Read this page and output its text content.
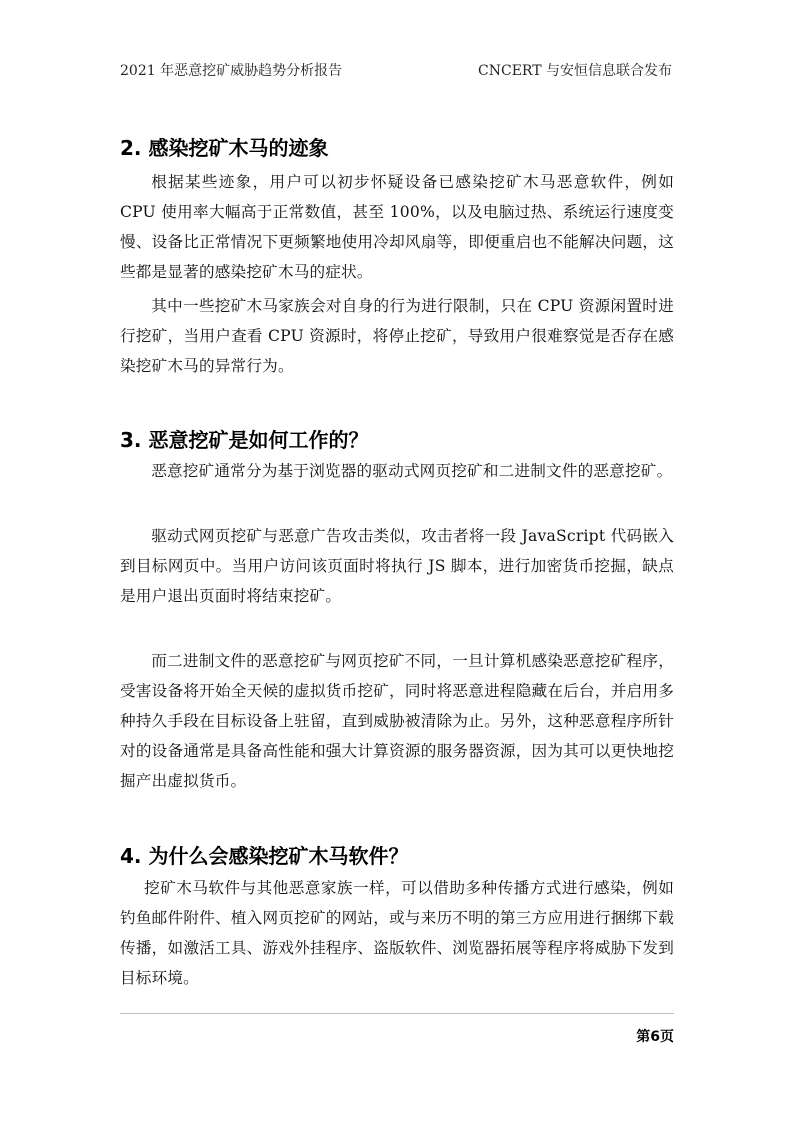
2021 年恶意挖矿威胁趋势分析报告	CNCERT 与安恒信息联合发布
2. 感染挖矿木马的迹象

根据某些迹象，用户可以初步怀疑设备已感染挖矿木马恶意软件，例如 CPU 使用率大幅高于正常数值，甚至 100%，以及电脑过热、系统运行速度变慢、设备比正常情况下更频繁地使用冷却风扇等，即便重启也不能解决问题，这些都是显著的感染挖矿木马的症状。

其中一些挖矿木马家族会对自身的行为进行限制，只在 CPU 资源闲置时进行挖矿，当用户查看 CPU 资源时，将停止挖矿，导致用户很难察觉是否存在感染挖矿木马的异常行为。

3. 恶意挖矿是如何工作的？

恶意挖矿通常分为基于浏览器的驱动式网页挖矿和二进制文件的恶意挖矿。

驱动式网页挖矿与恶意广告攻击类似，攻击者将一段 JavaScript 代码嵌入到目标网页中。当用户访问该页面时将执行 JS 脚本，进行加密货币挖掘，缺点是用户退出页面时将结束挖矿。

而二进制文件的恶意挖矿与网页挖矿不同，一旦计算机感染恶意挖矿程序，受害设备将开始全天候的虚拟货币挖矿，同时将恶意进程隐藏在后台，并启用多种持久手段在目标设备上驻留，直到威胁被清除为止。另外，这种恶意程序所针对的设备通常是具备高性能和强大计算资源的服务器资源，因为其可以更快地挖掘产出虚拟货币。

4. 为什么会感染挖矿木马软件？

挖矿木马软件与其他恶意家族一样，可以借助多种传播方式进行感染，例如钓鱼邮件附件、植入网页挖矿的网站，或与来历不明的第三方应用进行捆绑下载传播，如激活工具、游戏外挂程序、盗版软件、浏览器拓展等程序将威胁下发到目标环境。

第6页
